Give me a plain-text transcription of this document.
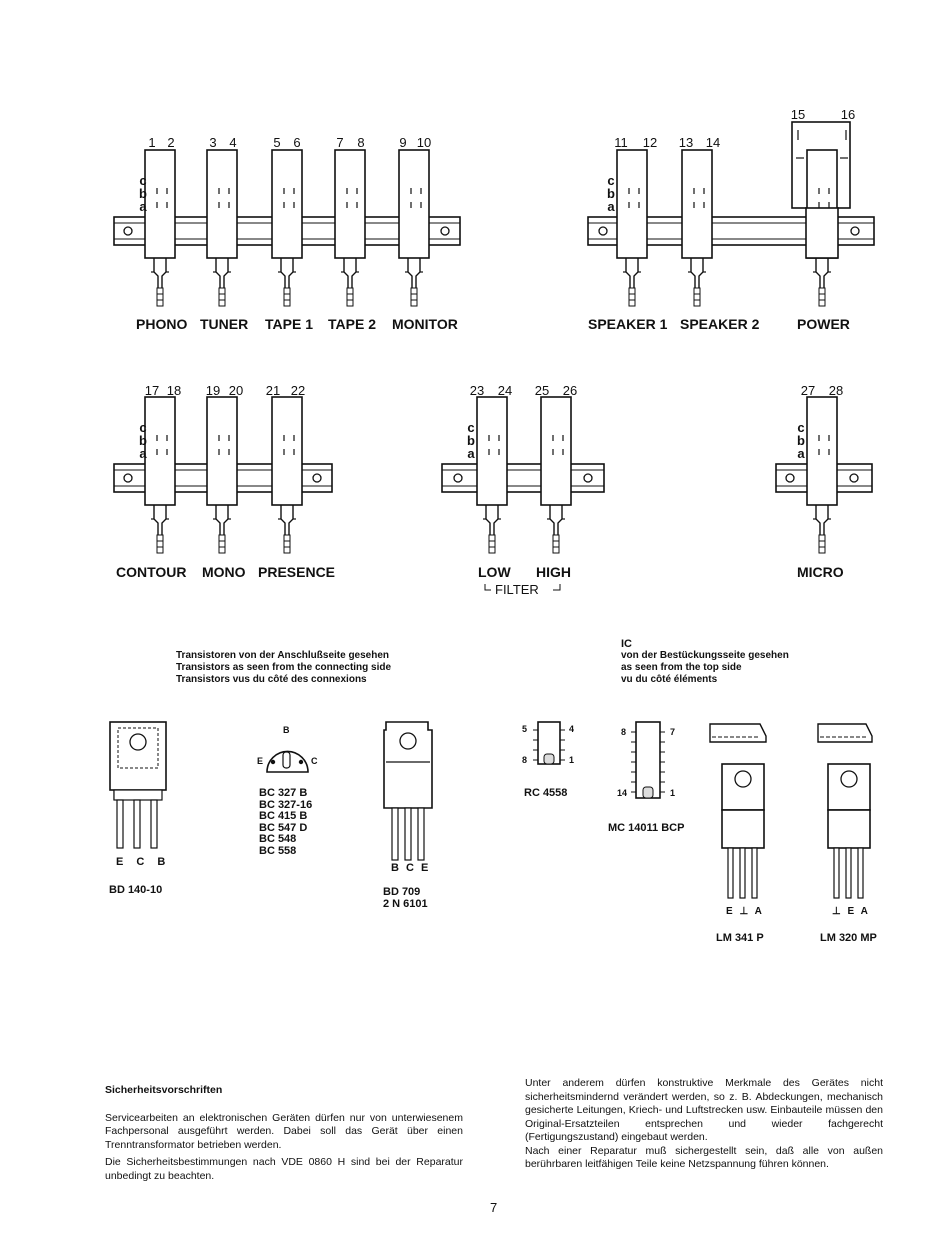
1 2	3 4	5 6	7 8	9 10	11 12 13 14
15	16
17 18 19 20 21 22	23 24 25 26	27 28
c
b
a
c
b
a
c
b
a
c
b
a
c
b
a
PHONO TUNER TAPE 1 TAPE 2 MONITOR	SPEAKER 1 SPEAKER 2	POWER
CONTOUR MONO PRESENCE	LOW HIGH
FILTER
MICRO
Transistoren von der Anschlußseite gesehen
Transistors as seen from the connecting side
Transistors vus du côté des connexions
IC
von der Bestückungsseite gesehen
as seen from the top side
vu du côté éléments
E C B
BD 140-10
B
E	C
BC 327 B
BC 327-16
BC 415 B
BC 547 D
BC 548
BC 558
B C E
BD 709
2 N 6101
5	4
8	1
RC 4558
8	7
14	1
MC 14011 BCP
E ⊥ A
LM 341 P
⊥ E A
LM 320 MP
Sicherheitsvorschriften

Servicearbeiten an elektronischen Geräten dürfen nur von unterwiesenem Fachpersonal ausgeführt werden. Dabei soll das Gerät über einen Trenntransformator betrieben werden.

Die Sicherheitsbestimmungen nach VDE 0860 H sind bei der Reparatur unbedingt zu beachten.

Unter anderem dürfen konstruktive Merkmale des Gerätes nicht sicherheitsmindernd verändert werden, so z. B. Abdeckungen, mechanisch gesicherte Leitungen, Kriech- und Luftstrecken usw. Einbauteile müssen den Original-Ersatzteilen entsprechen und wieder fachgerecht (Fertigungszustand) eingebaut werden.

Nach einer Reparatur muß sichergestellt sein, daß alle von außen berührbaren leitfähigen Teile keine Netzspannung führen können.

7
